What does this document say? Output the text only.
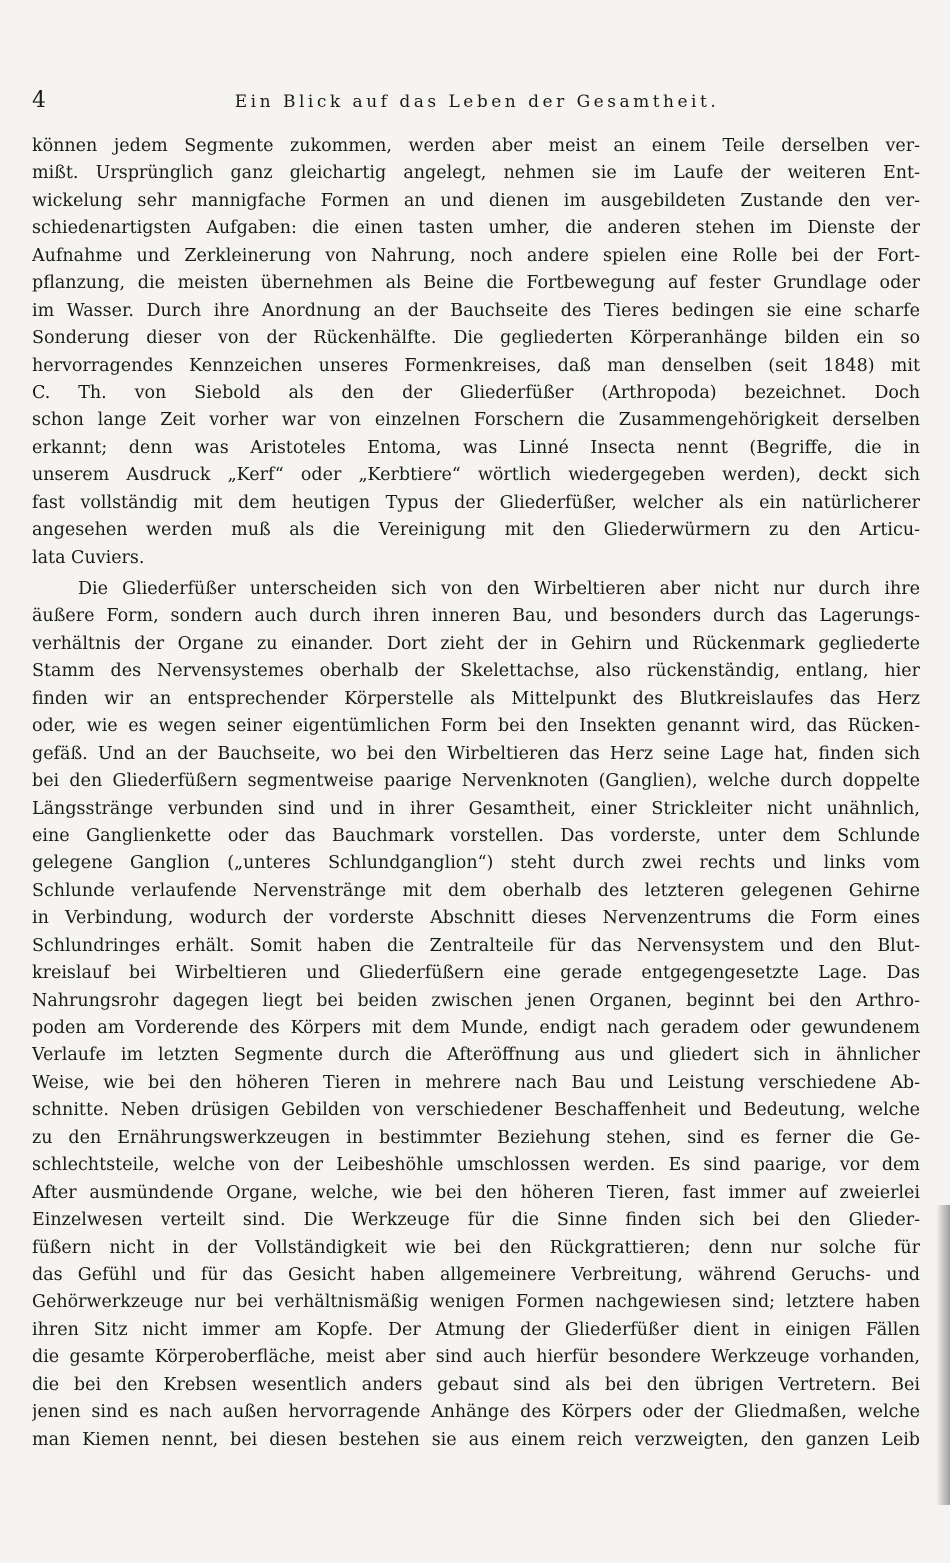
4	Ein Blick auf das Leben der Gesamtheit.
können jedem Segmente zukommen, werden aber meist an einem Teile derselben ver-
mißt. Ursprünglich ganz gleichartig angelegt, nehmen sie im Laufe der weiteren Ent-
wickelung sehr mannigfache Formen an und dienen im ausgebildeten Zustande den ver-
schiedenartigsten Aufgaben: die einen tasten umher, die anderen stehen im Dienste der
Aufnahme und Zerkleinerung von Nahrung, noch andere spielen eine Rolle bei der Fort-
pflanzung, die meisten übernehmen als Beine die Fortbewegung auf fester Grundlage oder
im Wasser. Durch ihre Anordnung an der Bauchseite des Tieres bedingen sie eine scharfe
Sonderung dieser von der Rückenhälfte. Die gegliederten Körperanhänge bilden ein so
hervorragendes Kennzeichen unseres Formenkreises, daß man denselben (seit 1848) mit
C. Th. von Siebold als den der Gliederfüßer (Arthropoda) bezeichnet. Doch
schon lange Zeit vorher war von einzelnen Forschern die Zusammengehörigkeit derselben
erkannt; denn was Aristoteles Entoma, was Linné Insecta nennt (Begriffe, die in
unserem Ausdruck „Kerf“ oder „Kerbtiere“ wörtlich wiedergegeben werden), deckt sich
fast vollständig mit dem heutigen Typus der Gliederfüßer, welcher als ein natürlicherer
angesehen werden muß als die Vereinigung mit den Gliederwürmern zu den Articu-
lata Cuviers.
Die Gliederfüßer unterscheiden sich von den Wirbeltieren aber nicht nur durch ihre
äußere Form, sondern auch durch ihren inneren Bau, und besonders durch das Lagerungs-
verhältnis der Organe zu einander. Dort zieht der in Gehirn und Rückenmark gegliederte
Stamm des Nervensystemes oberhalb der Skelettachse, also rückenständig, entlang, hier
finden wir an entsprechender Körperstelle als Mittelpunkt des Blutkreislaufes das Herz
oder, wie es wegen seiner eigentümlichen Form bei den Insekten genannt wird, das Rücken-
gefäß. Und an der Bauchseite, wo bei den Wirbeltieren das Herz seine Lage hat, finden sich
bei den Gliederfüßern segmentweise paarige Nervenknoten (Ganglien), welche durch doppelte
Längsstränge verbunden sind und in ihrer Gesamtheit, einer Strickleiter nicht unähnlich,
eine Ganglienkette oder das Bauchmark vorstellen. Das vorderste, unter dem Schlunde
gelegene Ganglion („unteres Schlundganglion“) steht durch zwei rechts und links vom
Schlunde verlaufende Nervenstränge mit dem oberhalb des letzteren gelegenen Gehirne
in Verbindung, wodurch der vorderste Abschnitt dieses Nervenzentrums die Form eines
Schlundringes erhält. Somit haben die Zentralteile für das Nervensystem und den Blut-
kreislauf bei Wirbeltieren und Gliederfüßern eine gerade entgegengesetzte Lage. Das
Nahrungsrohr dagegen liegt bei beiden zwischen jenen Organen, beginnt bei den Arthro-
poden am Vorderende des Körpers mit dem Munde, endigt nach geradem oder gewundenem
Verlaufe im letzten Segmente durch die Afteröffnung aus und gliedert sich in ähnlicher
Weise, wie bei den höheren Tieren in mehrere nach Bau und Leistung verschiedene Ab-
schnitte. Neben drüsigen Gebilden von verschiedener Beschaffenheit und Bedeutung, welche
zu den Ernährungswerkzeugen in bestimmter Beziehung stehen, sind es ferner die Ge-
schlechtsteile, welche von der Leibeshöhle umschlossen werden. Es sind paarige, vor dem
After ausmündende Organe, welche, wie bei den höheren Tieren, fast immer auf zweierlei
Einzelwesen verteilt sind. Die Werkzeuge für die Sinne finden sich bei den Glieder-
füßern nicht in der Vollständigkeit wie bei den Rückgrattieren; denn nur solche für
das Gefühl und für das Gesicht haben allgemeinere Verbreitung, während Geruchs- und
Gehörwerkzeuge nur bei verhältnismäßig wenigen Formen nachgewiesen sind; letztere haben
ihren Sitz nicht immer am Kopfe. Der Atmung der Gliederfüßer dient in einigen Fällen
die gesamte Körperoberfläche, meist aber sind auch hierfür besondere Werkzeuge vorhanden,
die bei den Krebsen wesentlich anders gebaut sind als bei den übrigen Vertretern. Bei
jenen sind es nach außen hervorragende Anhänge des Körpers oder der Gliedmaßen, welche
man Kiemen nennt, bei diesen bestehen sie aus einem reich verzweigten, den ganzen Leib
